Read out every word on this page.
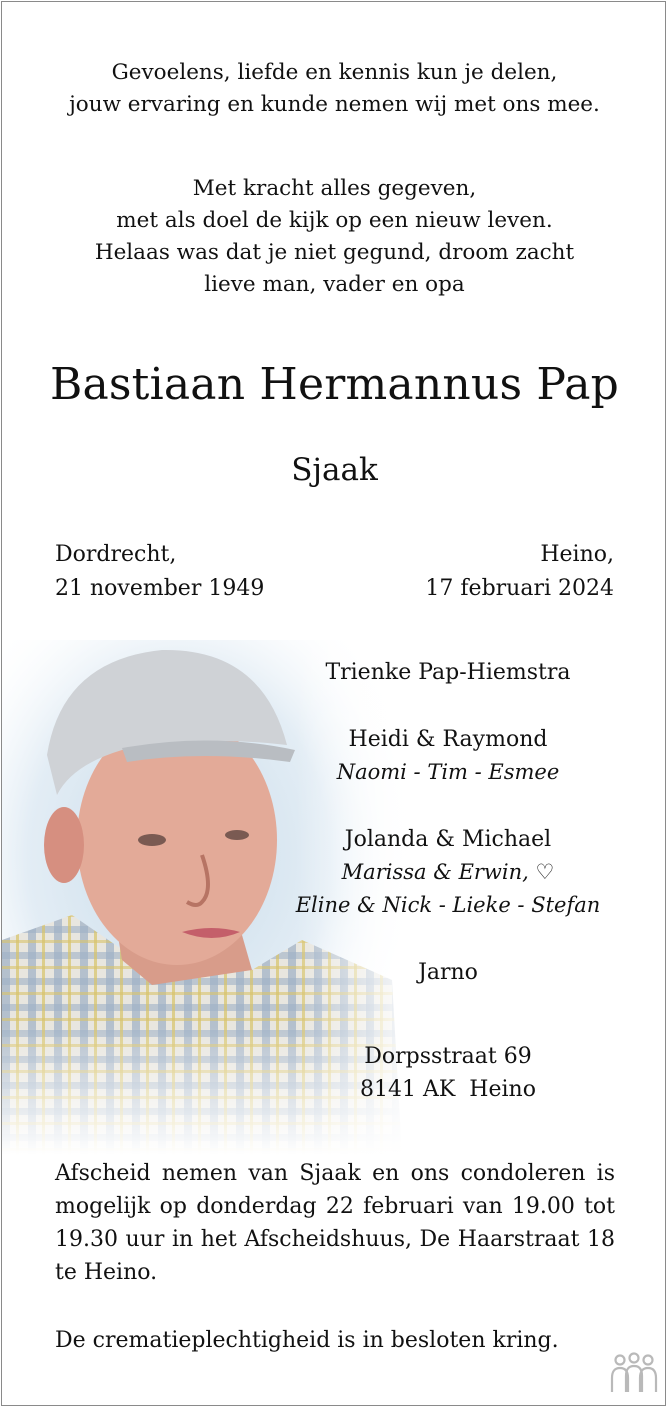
Gevoelens, liefde en kennis kun je delen,
jouw ervaring en kunde nemen wij met ons mee.
Met kracht alles gegeven,
met als doel de kijk op een nieuw leven.
Helaas was dat je niet gegund, droom zacht
lieve man, vader en opa
Bastiaan Hermannus Pap
Sjaak
Dordrecht,
21 november 1949
Heino,
17 februari 2024
Trienke Pap-Hiemstra
Heidi & Raymond
Naomi - Tim - Esmee
Jolanda & Michael
Marissa & Erwin, ♡
Eline & Nick - Lieke - Stefan
Jarno
Dorpsstraat 69
8141 AK  Heino
Afscheid nemen van Sjaak en ons condoleren is mogelijk op donderdag 22 februari van 19.00 tot 19.30 uur in het Afscheidshuus, De Haarstraat 18 te Heino.
De crematieplechtigheid is in besloten kring.
